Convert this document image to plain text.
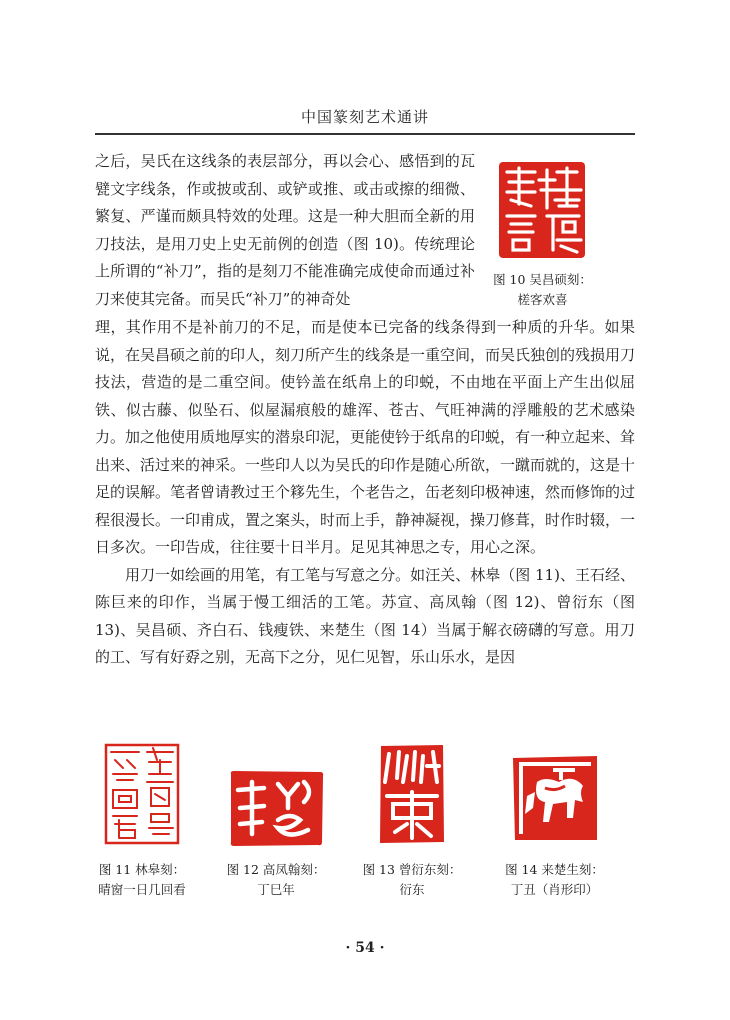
中国篆刻艺术通讲

之后，吴氏在这线条的表层部分，再以会心、感悟到的瓦甓文字线条，作或披或刮、或铲或推、或击或擦的细微、繁复、严谨而颇具特效的处理。这是一种大胆而全新的用刀技法，是用刀史上史无前例的创造（图 10)。传统理论上所谓的“补刀”，指的是刻刀不能准确完成使命而通过补刀来使其完备。而吴氏“补刀”的神奇处

图 10 吴昌硕刻：
槎客欢喜

理，其作用不是补前刀的不足，而是使本已完备的线条得到一种质的升华。如果说，在吴昌硕之前的印人，刻刀所产生的线条是一重空间，而吴氏独创的残损用刀技法，营造的是二重空间。使钤盖在纸帛上的印蜕，不由地在平面上产生出似屈铁、似古藤、似坠石、似屋漏痕般的雄浑、苍古、气旺神满的浮雕般的艺术感染力。加之他使用质地厚实的潜泉印泥，更能使钤于纸帛的印蜕，有一种立起来、耸出来、活过来的神采。一些印人以为吴氏的印作是随心所欲，一蹴而就的，这是十足的误解。笔者曾请教过王个簃先生，个老告之，缶老刻印极神速，然而修饰的过程很漫长。一印甫成，置之案头，时而上手，静神凝视，操刀修葺，时作时辍，一日多次。一印告成，往往要十日半月。足见其神思之专，用心之深。

用刀一如绘画的用笔，有工笔与写意之分。如汪关、林皋（图 11)、王石经、陈巨来的印作，当属于慢工细活的工笔。苏宣、高凤翰（图 12)、曾衍东（图 13)、吴昌硕、齐白石、钱瘦铁、来楚生（图 14）当属于解衣磅礴的写意。用刀的工、写有好孬之别，无高下之分，见仁见智，乐山乐水，是因

图 11 林皋刻：
晴窗一日几回看
图 12 高凤翰刻：
丁巳年
图 13 曾衍东刻：
衍东
图 14 来楚生刻：
丁丑（肖形印）
· 54 ·
